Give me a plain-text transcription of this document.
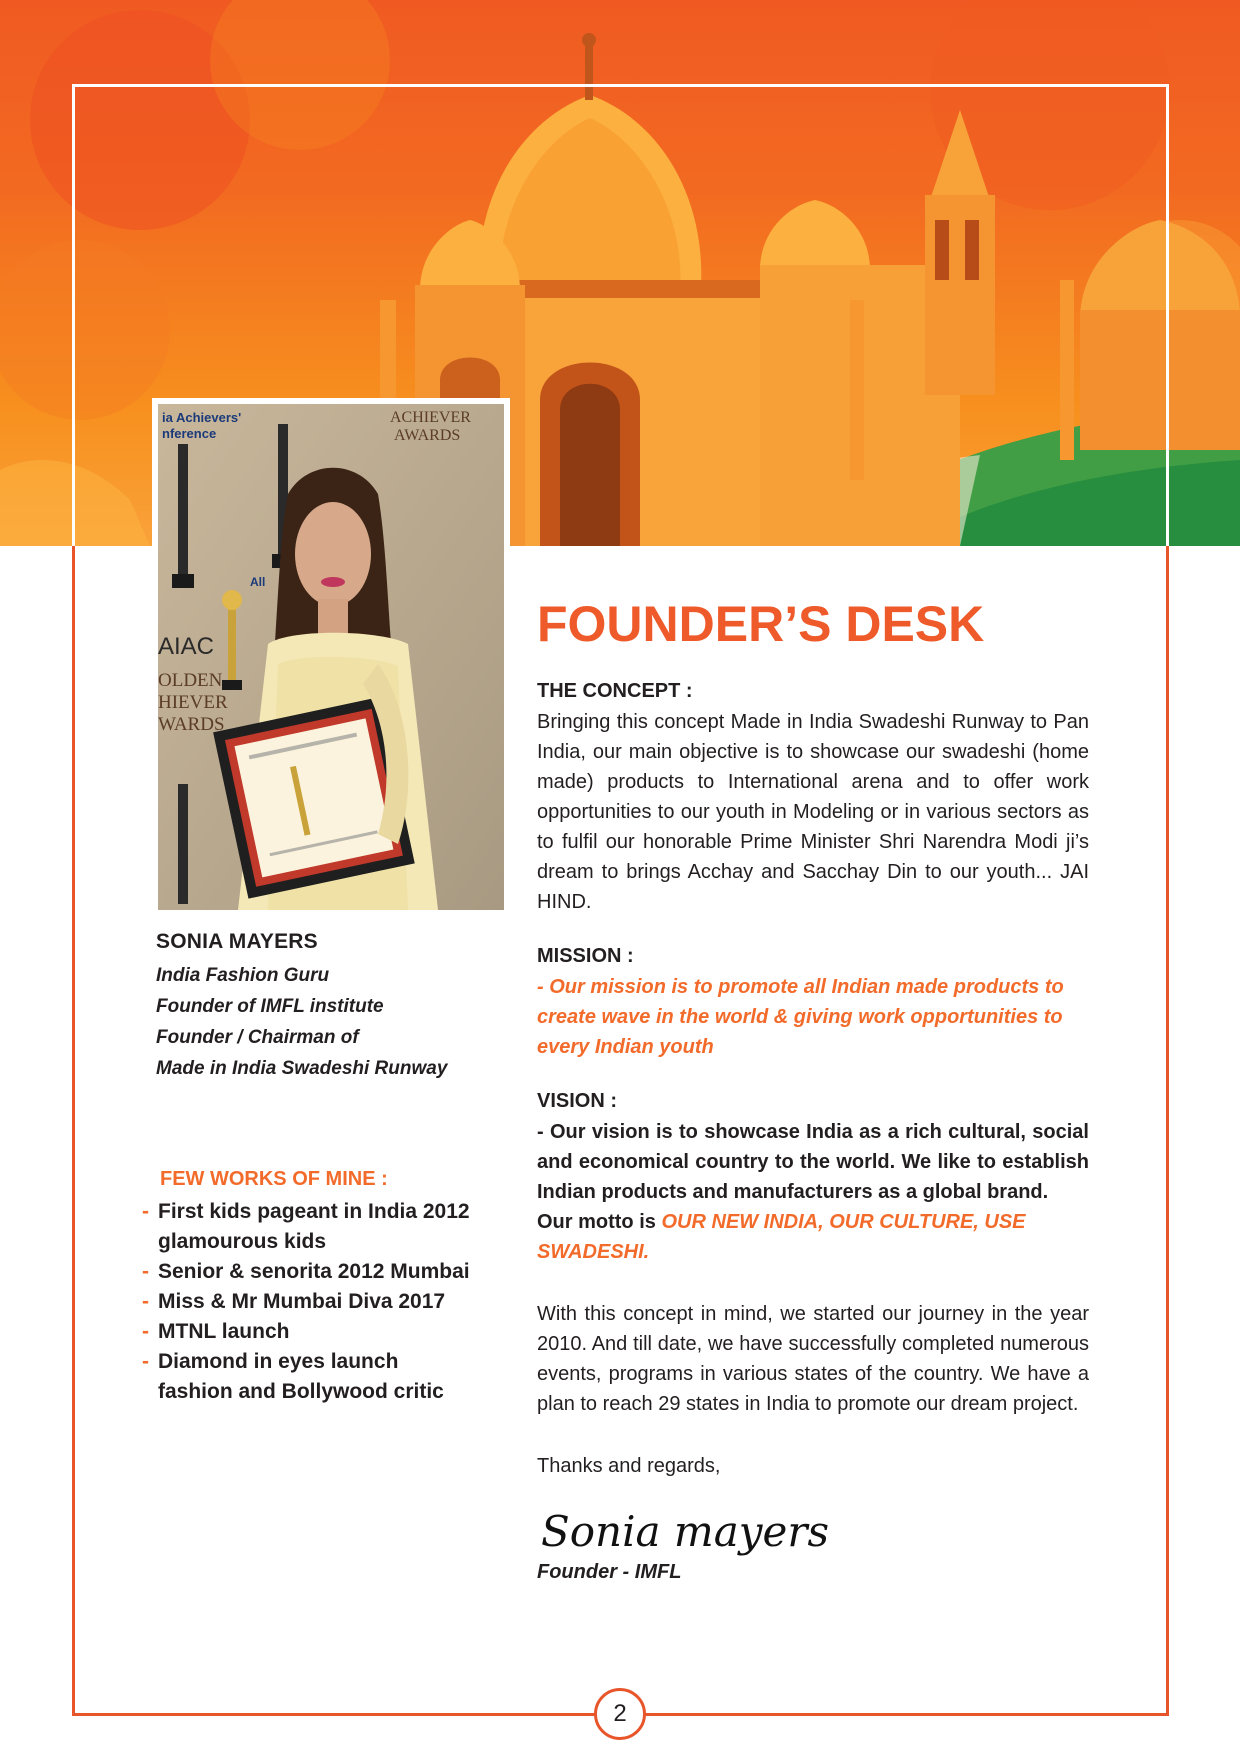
ia Achievers'
nference
ACHIEVER
AWARDS
AIAC
OLDEN
HIEVER
WARDS
All
SONIA MAYERS
India Fashion Guru
Founder of IMFL institute
Founder / Chairman of
Made in India Swadeshi Runway
FEW WORKS OF MINE :
- First kids pageant in India 2012
glamourous kids
- Senior & senorita 2012 Mumbai
- Miss & Mr Mumbai Diva 2017
- MTNL launch
- Diamond in eyes launch
fashion and Bollywood critic
FOUNDER’S DESK
THE CONCEPT :

Bringing this concept Made in India Swadeshi Runway to Pan India, our main objective is to showcase our swadeshi (home made) products to International arena and to offer work opportunities to our youth in Modeling or in various sectors as to fulfil our honorable Prime Minister Shri Narendra Modi ji’s dream to brings Acchay and Sacchay Din to our youth... JAI HIND.

MISSION :

- Our mission is to promote all Indian made products to create wave in the world & giving work opportunities to every Indian youth

VISION :

- Our vision is to showcase India as a rich cultural, social and economical country to the world. We like to establish Indian products and manufacturers as a global brand.

Our motto is OUR NEW INDIA, OUR CULTURE, USE SWADESHI.

With this concept in mind, we started our journey in the year 2010. And till date, we have successfully completed numerous events, programs in various states of the country. We have a plan to reach 29 states in India to promote our dream project.

Thanks and regards,

Sonia mayers
Founder - IMFL
2
